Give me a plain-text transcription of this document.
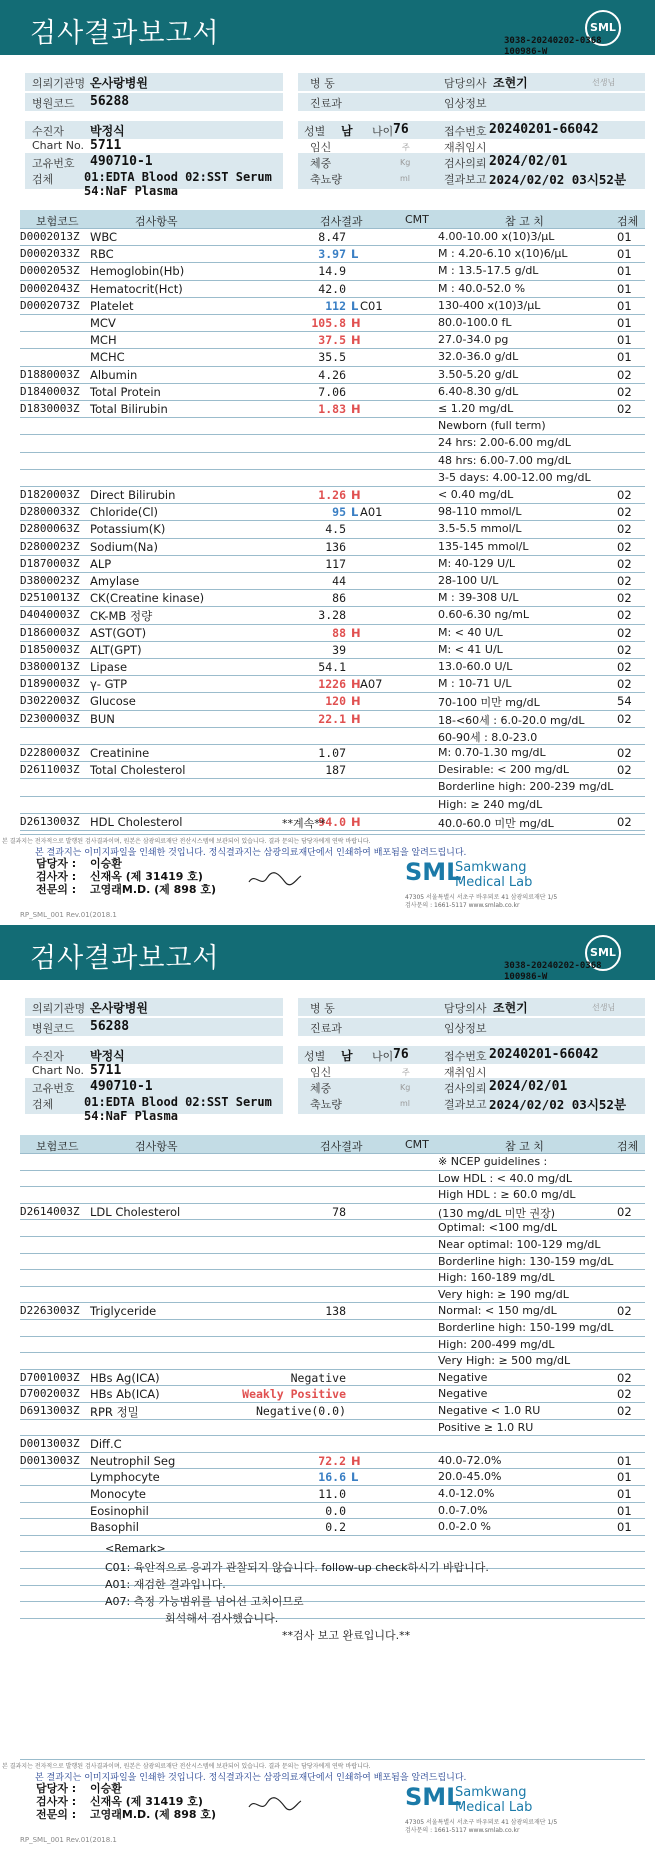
검사결과보고서	SML
3038-20240202-0368
100986-W
의뢰기관명 온사랑병원
병원코드 56288
병 동
진료과
담당의사 조현기	선생님
임상정보
수진자 박정식
Chart No. 5711
고유번호 490710-1
검체	01:EDTA Blood 02:SST Serum
54:NaF Plasma
성별 남 나이 76
임신	주
체중	Kg
축뇨량	ml
접수번호 20240201-66042
재취임시
검사의뢰 2024/02/01
결과보고 2024/02/02 03시52분
보험코드	검사항목	검사결과	CMT	참 고 치	검체
D0002013Z WBC	8.47	4.00-10.00 x(10)3/μL	01
D0002033Z RBC	3.97 L	M : 4.20-6.10 x(10)6/μL	01
D0002053Z Hemoglobin(Hb)	14.9	M : 13.5-17.5 g/dL	01
D0002043Z Hematocrit(Hct)	42.0	M : 40.0-52.0 %	01
D0002073Z Platelet	112 L C01	130-400 x(10)3/μL	01
MCV	105.8 H	80.0-100.0 fL	01
MCH	37.5 H	27.0-34.0 pg	01
MCHC	35.5	32.0-36.0 g/dL	01
D1880003Z Albumin	4.26	3.50-5.20 g/dL	02
D1840003Z Total Protein	7.06	6.40-8.30 g/dL	02
D1830003Z Total Bilirubin	1.83 H	≤ 1.20 mg/dL	02
Newborn (full term)
24 hrs: 2.00-6.00 mg/dL
48 hrs: 6.00-7.00 mg/dL
3-5 days: 4.00-12.00 mg/dL
D1820003Z Direct Bilirubin	1.26 H	< 0.40 mg/dL	02
D2800033Z Chloride(Cl)	95 L A01	98-110 mmol/L	02
D2800063Z Potassium(K)	4.5	3.5-5.5 mmol/L	02
D2800023Z Sodium(Na)	136	135-145 mmol/L	02
D1870003Z ALP	117	M: 40-129 U/L	02
D3800023Z Amylase	44	28-100 U/L	02
D2510013Z CK(Creatine kinase)	86	M : 39-308 U/L	02
D4040003Z CK-MB 정량	3.28	0.60-6.30 ng/mL	02
D1860003Z AST(GOT)	88 H	M: < 40 U/L	02
D1850003Z ALT(GPT)	39	M: < 41 U/L	02
D3800013Z Lipase	54.1	13.0-60.0 U/L	02
D1890003Z γ- GTP	1226 H A07	M : 10-71 U/L	02
D3022003Z Glucose	120 H	70-100 미만 mg/dL	54
D2300003Z BUN	22.1 H	18-<60세 : 6.0-20.0 mg/dL	02
60-90세 : 8.0-23.0
D2280003Z Creatinine	1.07	M: 0.70-1.30 mg/dL	02
D2611003Z Total Cholesterol	187	Desirable: < 200 mg/dL	02
Borderline high: 200-239 mg/dL
High: ≥ 240 mg/dL
D2613003Z HDL Cholesterol	94.0 H	40.0-60.0 미만 mg/dL	02
**계속**
본 결과지는 전자적으로 발행된 검사결과이며, 원본은 삼광의료재단 전산시스템에 보관되어 있습니다. 결과 문의는 담당자에게 연락 바랍니다.
본 결과지는 이미지파일을 인쇄한 것입니다. 정식결과지는 삼광의료재단에서 인쇄하여 배포됨을 알려드립니다.
담당자 : 이승환
검사자 : 신재옥 (제 31419 호)
전문의 : 고영래M.D. (제 898 호)
SML
Samkwang
Medical Lab
47305 서울특별시 서초구 바우뫼로 41 삼광의료재단 1/5
검사문의 : 1661-5117 www.smlab.co.kr
RP_SML_001 Rev.01(2018.1
검사결과보고서	SML
3038-20240202-0368
100986-W
의뢰기관명 온사랑병원
병원코드 56288
병 동
진료과
담당의사 조현기	선생님
임상정보
수진자 박정식
Chart No. 5711
고유번호 490710-1
검체	01:EDTA Blood 02:SST Serum
54:NaF Plasma
성별 남 나이 76
임신	주
체중	Kg
축뇨량	ml
접수번호 20240201-66042
재취임시
검사의뢰 2024/02/01
결과보고 2024/02/02 03시52분
보험코드	검사항목	검사결과	CMT	참 고 치	검체
※ NCEP guidelines :
Low HDL : < 40.0 mg/dL
High HDL : ≥ 60.0 mg/dL
D2614003Z LDL Cholesterol	78	(130 mg/dL 미만 권장)	02
Optimal: <100 mg/dL
Near optimal: 100-129 mg/dL
Borderline high: 130-159 mg/dL
High: 160-189 mg/dL
Very high: ≥ 190 mg/dL
D2263003Z Triglyceride	138	Normal: < 150 mg/dL	02
Borderline high: 150-199 mg/dL
High: 200-499 mg/dL
Very High: ≥ 500 mg/dL
D7001003Z HBs Ag(ICA)	Negative	Negative	02
D7002003Z HBs Ab(ICA)	Weakly Positive	Negative	02
D6913003Z RPR 정밀	Negative(0.0)	Negative < 1.0 RU	02
Positive ≥ 1.0 RU
D0013003Z Diff.C
D0013003Z Neutrophil Seg	72.2 H	40.0-72.0%	01
Lymphocyte	16.6 L	20.0-45.0%	01
Monocyte	11.0	4.0-12.0%	01
Eosinophil	0.0	0.0-7.0%	01
Basophil	0.2	0.0-2.0 %	01
<Remark>
C01: 육안적으로 응괴가 관찰되지 않습니다. follow-up check하시기 바랍니다.
A01: 재검한 결과입니다.
A07: 측정 가능범위를 넘어선 고치이므로
회석해서 검사했습니다.
**검사 보고 완료입니다.**
본 결과지는 전자적으로 발행된 검사결과이며, 원본은 삼광의료재단 전산시스템에 보관되어 있습니다. 결과 문의는 담당자에게 연락 바랍니다.
본 결과지는 이미지파일을 인쇄한 것입니다. 정식결과지는 삼광의료재단에서 인쇄하여 배포됨을 알려드립니다.
담당자 : 이승환
검사자 : 신재옥 (제 31419 호)
전문의 : 고영래M.D. (제 898 호)
SML
Samkwang
Medical Lab
47305 서울특별시 서초구 바우뫼로 41 삼광의료재단 1/5
검사문의 : 1661-5117 www.smlab.co.kr
RP_SML_001 Rev.01(2018.1
